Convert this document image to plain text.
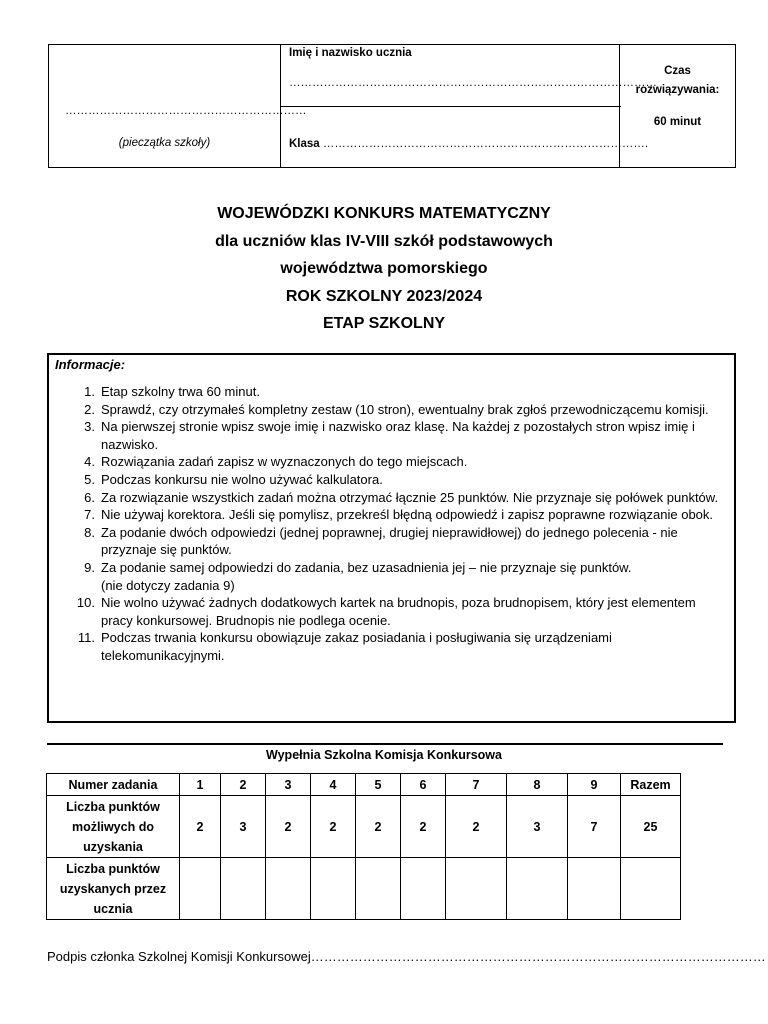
………………………………………………………
(pieczątka szkoły)
Imię i nazwisko ucznia
……………………………………………………………………………………
Klasa ………………………………………………………………………….
Czas
rozwiązywania:
60 minut
WOJEWÓDZKI KONKURS MATEMATYCZNY
dla uczniów klas IV-VIII szkół podstawowych
województwa pomorskiego
ROK SZKOLNY 2023/2024
ETAP SZKOLNY
Informacje:
1. Etap szkolny trwa 60 minut.
2. Sprawdź, czy otrzymałeś kompletny zestaw (10 stron), ewentualny brak zgłoś przewodniczącemu komisji.
3. Na pierwszej stronie wpisz swoje imię i nazwisko oraz klasę. Na każdej z pozostałych stron wpisz imię i nazwisko.
4. Rozwiązania zadań zapisz w wyznaczonych do tego miejscach.
5. Podczas konkursu nie wolno używać kalkulatora.
6. Za rozwiązanie wszystkich zadań można otrzymać łącznie 25 punktów. Nie przyznaje się połówek punktów.
7. Nie używaj korektora. Jeśli się pomylisz, przekreśl błędną odpowiedź i zapisz poprawne rozwiązanie obok.
8. Za podanie dwóch odpowiedzi (jednej poprawnej, drugiej nieprawidłowej) do jednego polecenia - nie przyznaje się punktów.
9. Za podanie samej odpowiedzi do zadania, bez uzasadnienia jej – nie przyznaje się punktów.
(nie dotyczy zadania 9)
10. Nie wolno używać żadnych dodatkowych kartek na brudnopis, poza brudnopisem, który jest elementem pracy konkursowej. Brudnopis nie podlega ocenie.
11. Podczas trwania konkursu obowiązuje zakaz posiadania i posługiwania się urządzeniami telekomunikacyjnymi.
Wypełnia Szkolna Komisja Konkursowa
Numer zadania	1	2	3	4	5	6	7	8	9	Razem
Liczba punktów możliwych do uzyskania	2	3	2	2	2	2	2	3	7	25
Liczba punktów uzyskanych przez ucznia										
Podpis członka Szkolnej Komisji Konkursowej……………………………………………………………………………………………
